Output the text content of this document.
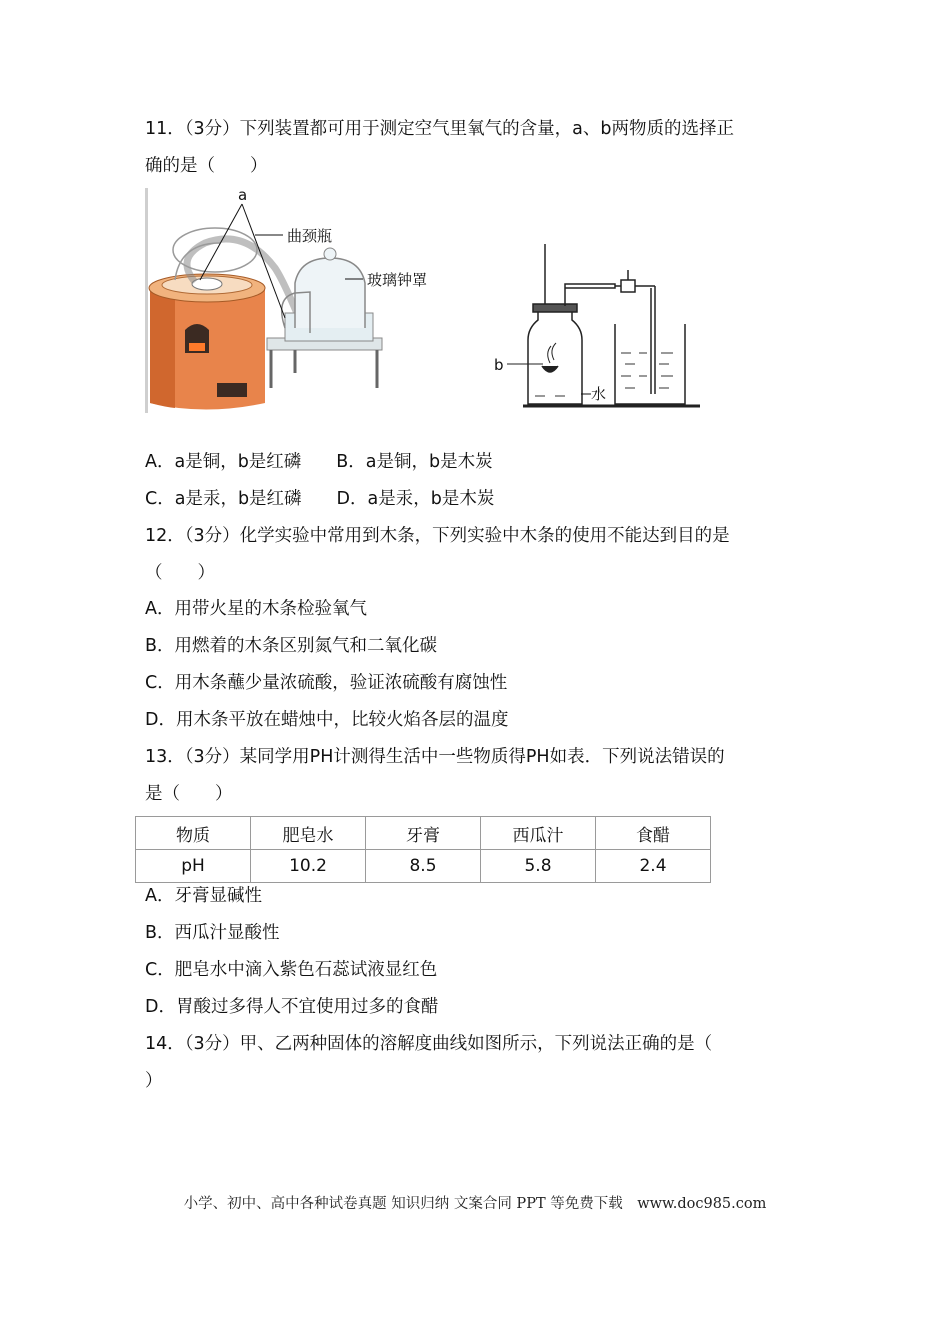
11．（3分）下列装置都可用于测定空气里氧气的含量，a、b两物质的选择正
确的是（　　）
a
曲颈瓶
玻璃钟罩
b
水
A．a是铜，b是红磷　　B．a是铜，b是木炭
C．a是汞，b是红磷　　D．a是汞，b是木炭
12．（3分）化学实验中常用到木条，下列实验中木条的使用不能达到目的是
（　　）
A．用带火星的木条检验氧气
B．用燃着的木条区别氮气和二氧化碳
C．用木条蘸少量浓硫酸，验证浓硫酸有腐蚀性
D．用木条平放在蜡烛中，比较火焰各层的温度
13．（3分）某同学用PH计测得生活中一些物质得PH如表．下列说法错误的
是（　　）
物质	肥皂水	牙膏	西瓜汁	食醋
pH	10.2	8.5	5.8	2.4
A．牙膏显碱性
B．西瓜汁显酸性
C．肥皂水中滴入紫色石蕊试液显红色
D．胃酸过多得人不宜使用过多的食醋
14．（3分）甲、乙两种固体的溶解度曲线如图所示，下列说法正确的是（
）
小学、初中、高中各种试卷真题 知识归纳 文案合同 PPT 等免费下载　www.doc985.com
